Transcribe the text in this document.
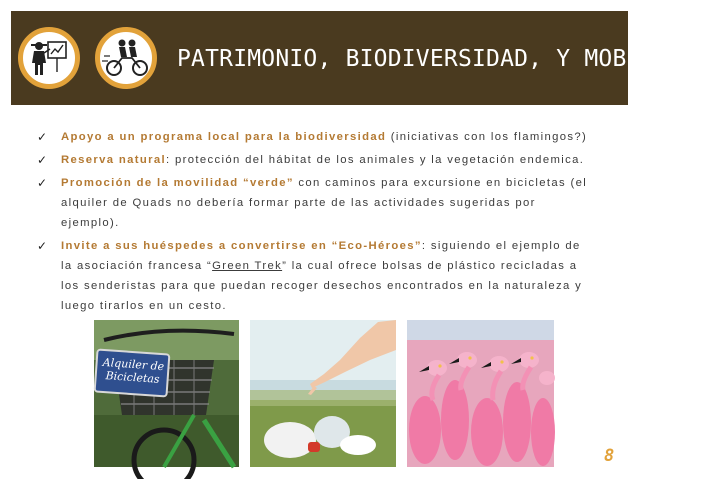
PATRIMONIO, BIODIVERSIDAD, Y MOBILIDAD
✓ Apoyo a un programa local para la biodiversidad (iniciativas con los flamingos?)
✓ Reserva natural: protección del hábitat de los animales y la vegetación endemica.
✓ Promoción de la movilidad “verde” con caminos para excursione en bicicletas (el alquiler de Quads no debería formar parte de las actividades sugeridas por ejemplo).
✓ Invite a sus huéspedes a convertirse en “Eco-Héroes”: siguiendo el ejemplo de la asociación francesa “Green Trek” la cual ofrece bolsas de plástico recicladas a los senderistas para que puedan recoger desechos encontrados en la naturaleza y luego tirarlos en un cesto.
Alquiler de Bicicletas
8
